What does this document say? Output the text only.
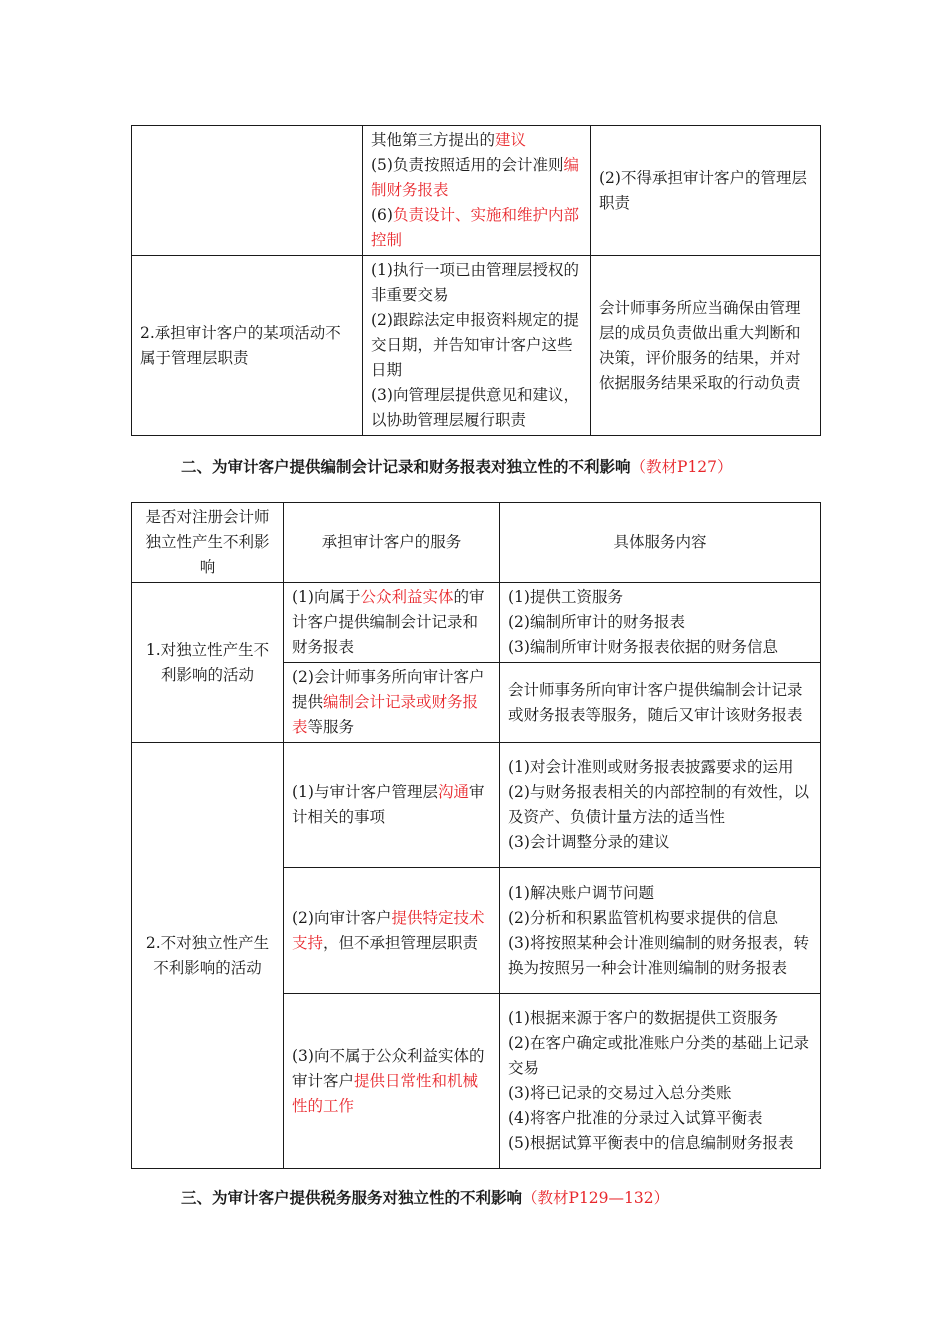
	其他第三方提出的建议
(5)负责按照适用的会计准则编制财务报表
(6)负责设计、实施和维护内部控制	(2)不得承担审计客户的管理层职责
2.承担审计客户的某项活动不属于管理层职责	(1)执行一项已由管理层授权的非重要交易
(2)跟踪法定申报资料规定的提交日期，并告知审计客户这些日期
(3)向管理层提供意见和建议，以协助管理层履行职责	会计师事务所应当确保由管理层的成员负责做出重大判断和决策，评价服务的结果，并对依据服务结果采取的行动负责
二、为审计客户提供编制会计记录和财务报表对独立性的不利影响（教材P127）
是否对注册会计师独立性产生不利影响	承担审计客户的服务	具体服务内容
1.对独立性产生不利影响的活动	(1)向属于公众利益实体的审计客户提供编制会计记录和财务报表	(1)提供工资服务
(2)编制所审计的财务报表
(3)编制所审计财务报表依据的财务信息

	(2)会计师事务所向审计客户提供编制会计记录或财务报表等服务	会计师事务所向审计客户提供编制会计记录或财务报表等服务，随后又审计该财务报表

2.不对独立性产生不利影响的活动	(1)与审计客户管理层沟通审计相关的事项	(1)对会计准则或财务报表披露要求的运用
(2)与财务报表相关的内部控制的有效性，以及资产、负债计量方法的适当性
(3)会计调整分录的建议

	(2)向审计客户提供特定技术支持，但不承担管理层职责	(1)解决账户调节问题
(2)分析和积累监管机构要求提供的信息
(3)将按照某种会计准则编制的财务报表，转换为按照另一种会计准则编制的财务报表

	(3)向不属于公众利益实体的审计客户提供日常性和机械性的工作	(1)根据来源于客户的数据提供工资服务
(2)在客户确定或批准账户分类的基础上记录交易
(3)将已记录的交易过入总分类账
(4)将客户批准的分录过入试算平衡表
(5)根据试算平衡表中的信息编制财务报表
三、为审计客户提供税务服务对独立性的不利影响（教材P129—132）
